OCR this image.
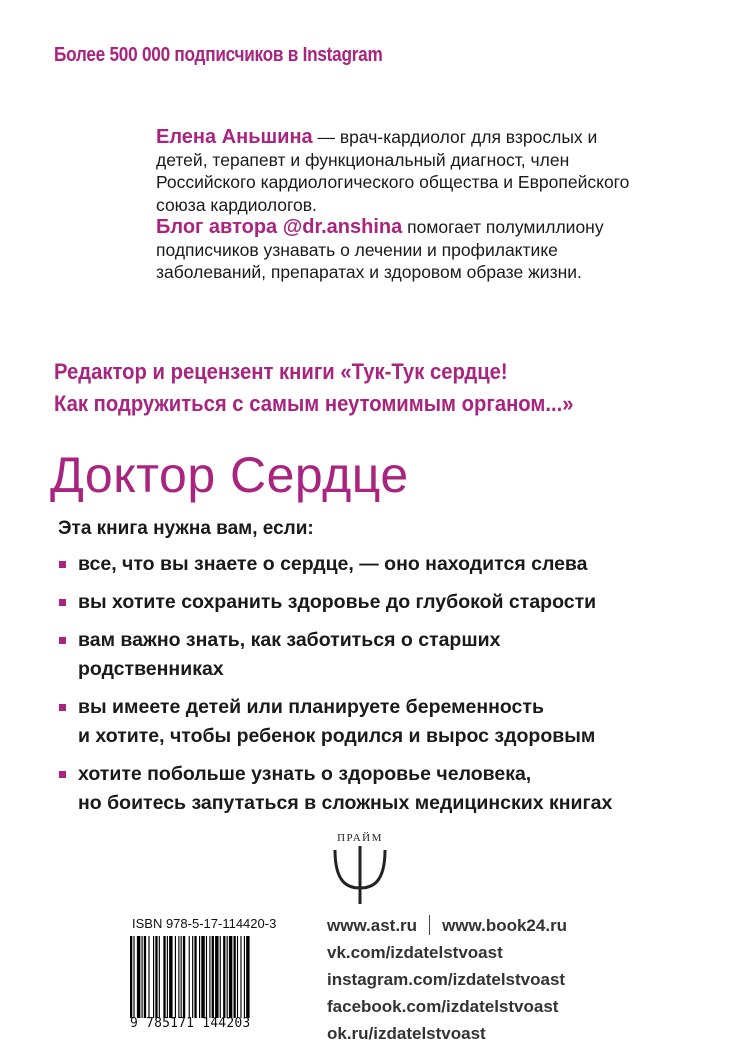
Более 500 000 подписчиков в Instagram

Елена Аньшина — врач-кардиолог для взрослых и детей, терапевт и функциональный диагност, член Российского кардиологического общества и Европейского союза кардиологов.

Блог автора @dr.anshina помогает полумиллиону подписчиков узнавать о лечении и профилактике заболеваний, препаратах и здоровом образе жизни.

Редактор и рецензент книги «Тук-Тук сердце!
Как подружиться с самым неутомимым органом...»
Доктор Сердце
Эта книга нужна вам, если:
все, что вы знаете о сердце, — оно находится слева
вы хотите сохранить здоровье до глубокой старости
вам важно знать, как заботиться о старших
родственниках
вы имеете детей или планируете беременность
и хотите, чтобы ребенок родился и вырос здоровым
хотите побольше узнать о здоровье человека,
но боитесь запутаться в сложных медицинских книгах
ПРАЙМ
ISBN 978-5-17-114420-3
9 785171 144203
www.ast.ru www.book24.ru
vk.com/izdatelstvoast
instagram.com/izdatelstvoast
facebook.com/izdatelstvoast
ok.ru/izdatelstvoast
